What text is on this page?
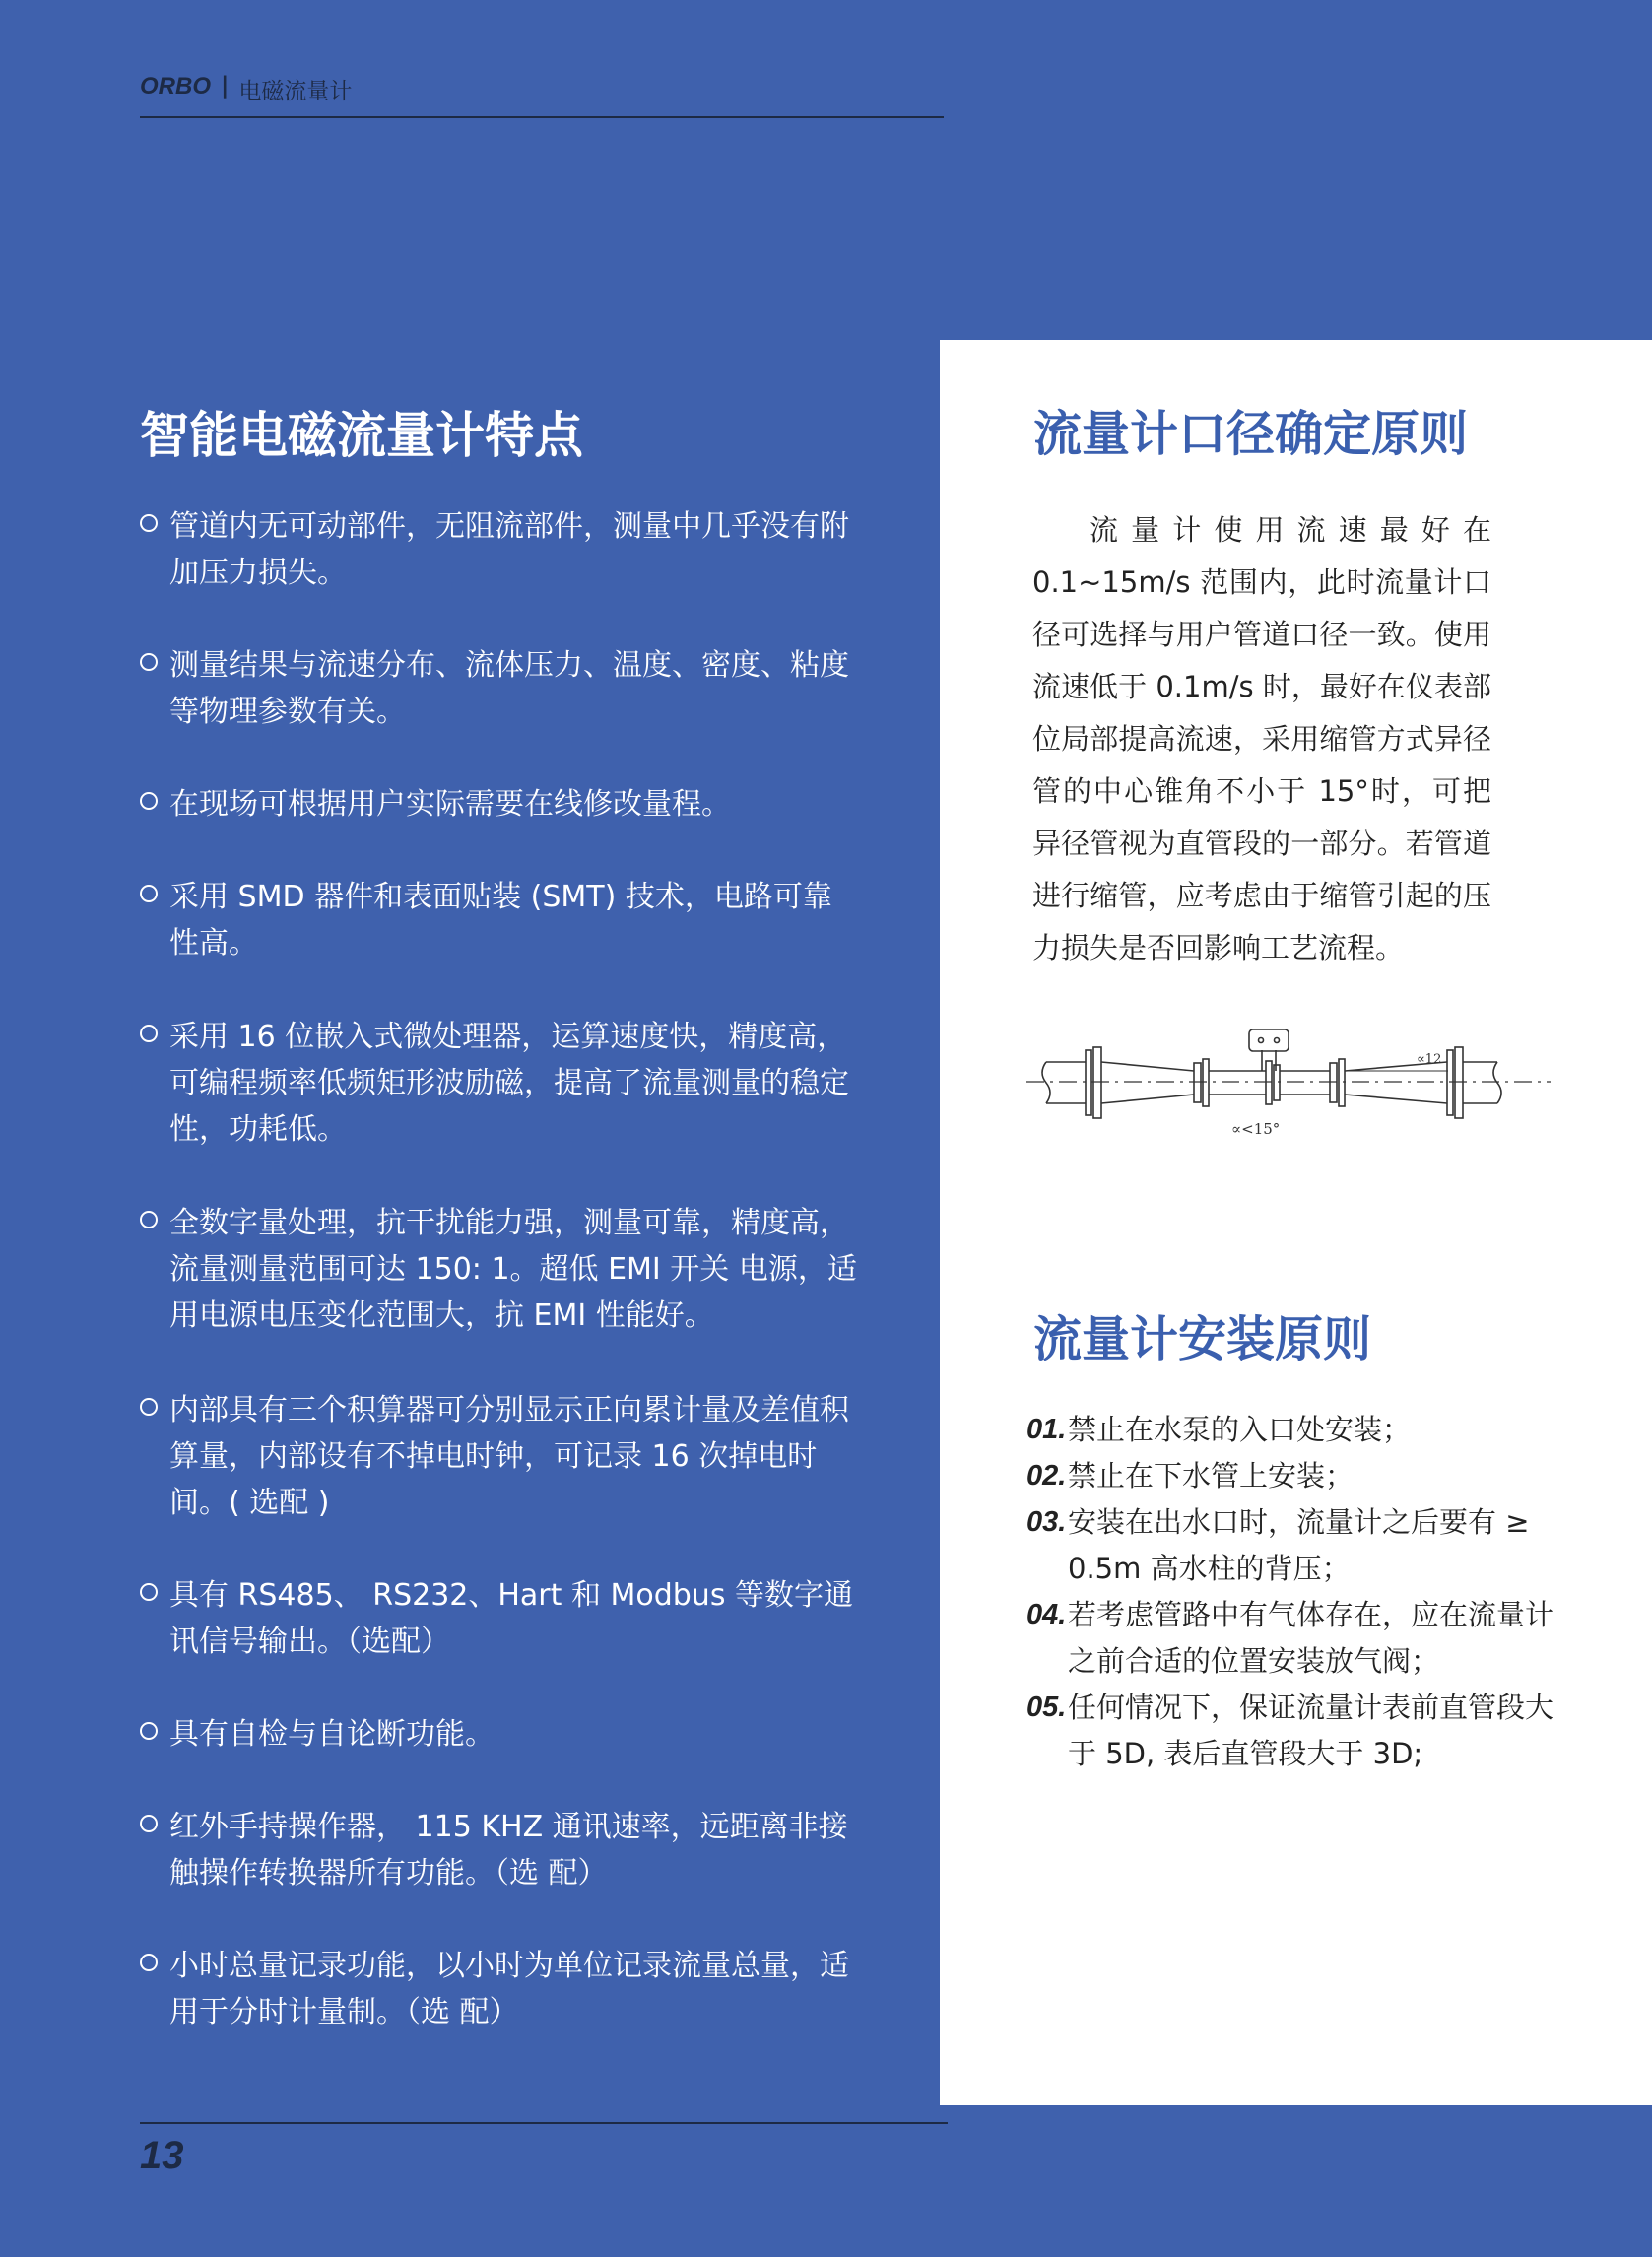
ORBO | 电磁流量计
智能电磁流量计特点
管道内无可动部件，无阻流部件，测量中几乎没有附加压力损失。
测量结果与流速分布、流体压力、温度、密度、粘度等物理参数有关。
在现场可根据用户实际需要在线修改量程。
采用 SMD 器件和表面贴装 (SMT) 技术，电路可靠性高。
采用 16 位嵌入式微处理器，运算速度快，精度高，可编程频率低频矩形波励磁，提高了流量测量的稳定性，功耗低。
全数字量处理，抗干扰能力强，测量可靠，精度高，流量测量范围可达 150: 1。超低 EMI 开关 电源，适用电源电压变化范围大，抗 EMI 性能好。
内部具有三个积算器可分别显示正向累计量及差值积算量，内部设有不掉电时钟，可记录 16 次掉电时间。( 选配 )
具有 RS485、 RS232、Hart 和 Modbus 等数字通讯信号输出。（选配）
具有自检与自论断功能。
红外手持操作器， 115 KHZ 通讯速率，远距离非接触操作转换器所有功能。（选 配）
小时总量记录功能，以小时为单位记录流量总量，适用于分时计量制。（选 配）
流量计口径确定原则

流量计使用流速最好在 0.1~15m/s 范围内，此时流量计口径可选择与用户管道口径一致。使用流速低于 0.1m/s 时，最好在仪表部位局部提高流速，采用缩管方式异径管的中心锥角不小于 15°时，可把异径管视为直管段的一部分。若管道进行缩管，应考虑由于缩管引起的压力损失是否回影响工艺流程。

∝<15°
∝12
流量计安装原则
01. 禁止在水泵的入口处安装；
02. 禁止在下水管上安装；
03. 安装在出水口时，流量计之后要有 ≥ 0.5m 高水柱的背压；
04. 若考虑管路中有气体存在，应在流量计之前合适的位置安装放气阀；
05. 任何情况下，保证流量计表前直管段大于 5D, 表后直管段大于 3D;
13
